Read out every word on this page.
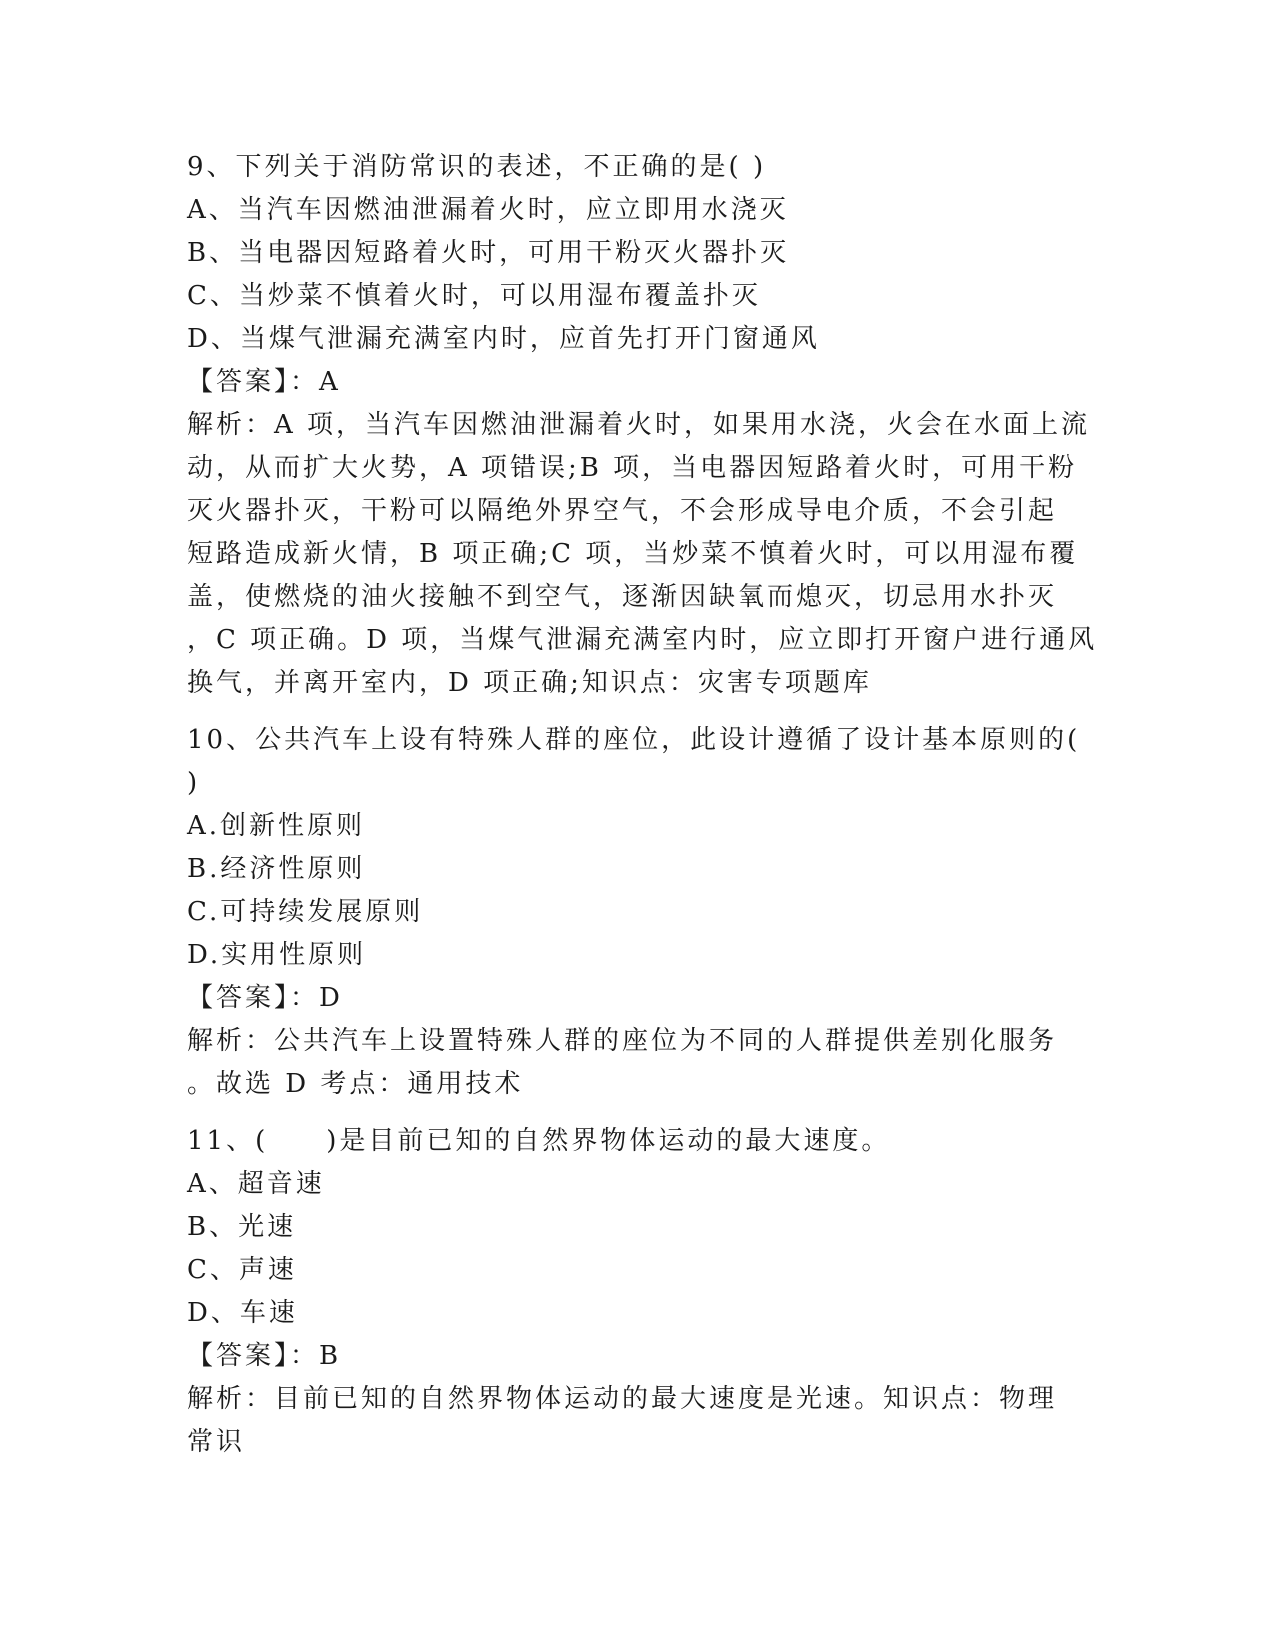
9、下列关于消防常识的表述，不正确的是( )
A、当汽车因燃油泄漏着火时，应立即用水浇灭
B、当电器因短路着火时，可用干粉灭火器扑灭
C、当炒菜不慎着火时，可以用湿布覆盖扑灭
D、当煤气泄漏充满室内时，应首先打开门窗通风
【答案】：A
解析：A 项，当汽车因燃油泄漏着火时，如果用水浇，火会在水面上流
动，从而扩大火势，A 项错误;B 项，当电器因短路着火时，可用干粉
灭火器扑灭，干粉可以隔绝外界空气，不会形成导电介质，不会引起
短路造成新火情，B 项正确;C 项，当炒菜不慎着火时，可以用湿布覆
盖，使燃烧的油火接触不到空气，逐渐因缺氧而熄灭，切忌用水扑灭
，C 项正确。D 项，当煤气泄漏充满室内时，应立即打开窗户进行通风
换气，并离开室内，D 项正确;知识点：灾害专项题库
10、公共汽车上设有特殊人群的座位，此设计遵循了设计基本原则的(
)
A.创新性原则
B.经济性原则
C.可持续发展原则
D.实用性原则
【答案】：D
解析：公共汽车上设置特殊人群的座位为不同的人群提供差别化服务
。故选 D 考点：通用技术
11、(　　)是目前已知的自然界物体运动的最大速度。
A、超音速
B、光速
C、声速
D、车速
【答案】：B
解析：目前已知的自然界物体运动的最大速度是光速。知识点：物理
常识
